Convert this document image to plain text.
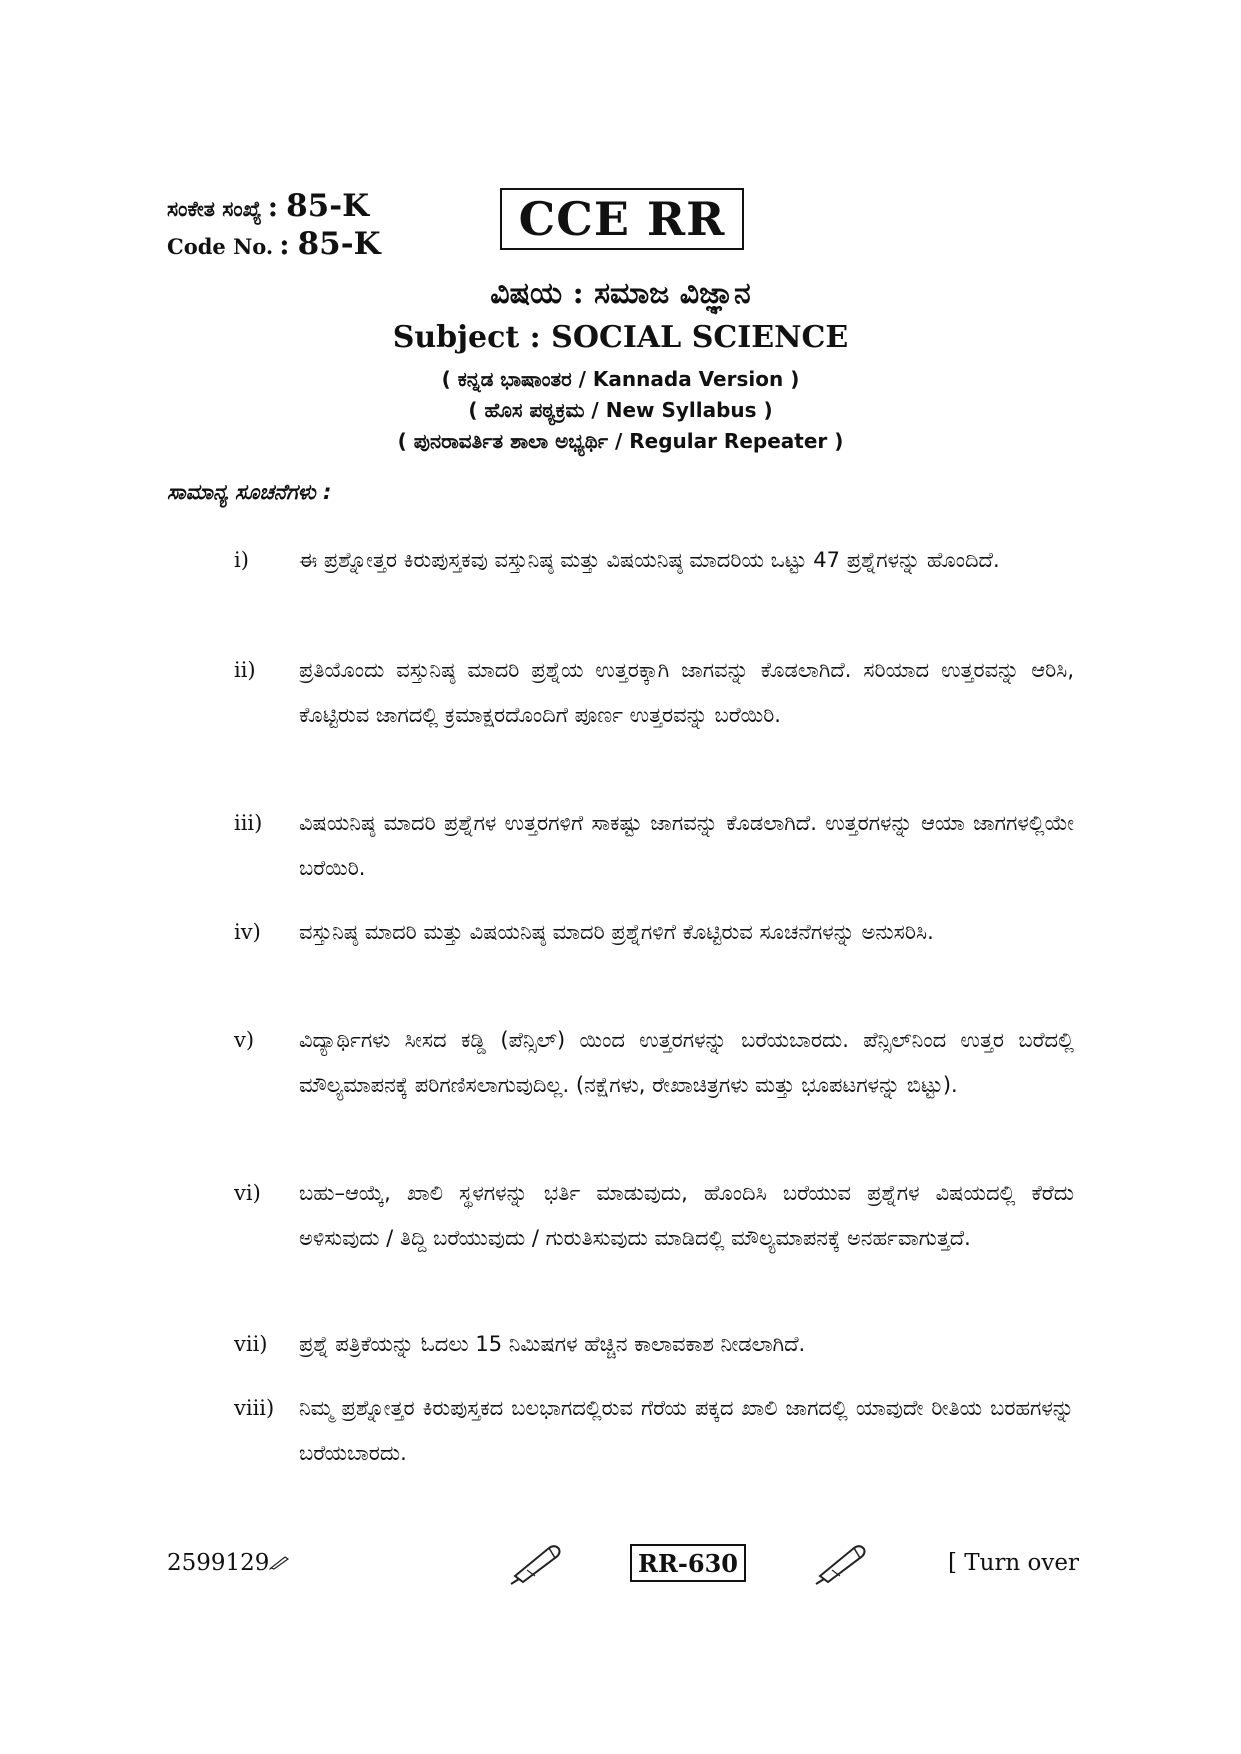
ಸಂಕೇತ ಸಂಖ್ಯೆ : 85-K
Code No. : 85-K	CCE RR
ವಿಷಯ : ಸಮಾಜ ವಿಜ್ಞಾನ
Subject : SOCIAL SCIENCE
( ಕನ್ನಡ ಭಾಷಾಂತರ / Kannada Version )
( ಹೊಸ ಪಠ್ಯಕ್ರಮ / New Syllabus )
( ಪುನರಾವರ್ತಿತ ಶಾಲಾ ಅಭ್ಯರ್ಥಿ / Regular Repeater )
ಸಾಮಾನ್ಯ ಸೂಚನೆಗಳು :
i)	ಈ ಪ್ರಶ್ನೋತ್ತರ ಕಿರುಪುಸ್ತಕವು ವಸ್ತುನಿಷ್ಠ ಮತ್ತು ವಿಷಯನಿಷ್ಠ ಮಾದರಿಯ ಒಟ್ಟು 47 ಪ್ರಶ್ನೆಗಳನ್ನು ಹೊಂದಿದೆ.
ii)	ಪ್ರತಿಯೊಂದು ವಸ್ತುನಿಷ್ಠ ಮಾದರಿ ಪ್ರಶ್ನೆಯ ಉತ್ತರಕ್ಕಾಗಿ ಜಾಗವನ್ನು ಕೊಡಲಾಗಿದೆ. ಸರಿಯಾದ ಉತ್ತರವನ್ನು ಆರಿಸಿ, ಕೊಟ್ಟಿರುವ ಜಾಗದಲ್ಲಿ ಕ್ರಮಾಕ್ಷರದೊಂದಿಗೆ ಪೂರ್ಣ ಉತ್ತರವನ್ನು ಬರೆಯಿರಿ.
iii)	ವಿಷಯನಿಷ್ಠ ಮಾದರಿ ಪ್ರಶ್ನೆಗಳ ಉತ್ತರಗಳಿಗೆ ಸಾಕಷ್ಟು ಜಾಗವನ್ನು ಕೊಡಲಾಗಿದೆ. ಉತ್ತರಗಳನ್ನು ಆಯಾ ಜಾಗಗಳಲ್ಲಿಯೇ ಬರೆಯಿರಿ.
iv)	ವಸ್ತುನಿಷ್ಠ ಮಾದರಿ ಮತ್ತು ವಿಷಯನಿಷ್ಠ ಮಾದರಿ ಪ್ರಶ್ನೆಗಳಿಗೆ ಕೊಟ್ಟಿರುವ ಸೂಚನೆಗಳನ್ನು ಅನುಸರಿಸಿ.
v)	ವಿದ್ಯಾರ್ಥಿಗಳು ಸೀಸದ ಕಡ್ಡಿ (ಪೆನ್ಸಿಲ್) ಯಿಂದ ಉತ್ತರಗಳನ್ನು ಬರೆಯಬಾರದು. ಪೆನ್ಸಿಲ್‌ನಿಂದ ಉತ್ತರ ಬರೆದಲ್ಲಿ ಮೌಲ್ಯಮಾಪನಕ್ಕೆ ಪರಿಗಣಿಸಲಾಗುವುದಿಲ್ಲ. (ನಕ್ಷೆಗಳು, ರೇಖಾಚಿತ್ರಗಳು ಮತ್ತು ಭೂಪಟಗಳನ್ನು ಬಿಟ್ಟು).
vi)	ಬಹು–ಆಯ್ಕೆ, ಖಾಲಿ ಸ್ಥಳಗಳನ್ನು ಭರ್ತಿ ಮಾಡುವುದು, ಹೊಂದಿಸಿ ಬರೆಯುವ ಪ್ರಶ್ನೆಗಳ ವಿಷಯದಲ್ಲಿ ಕೆರೆದು ಅಳಿಸುವುದು / ತಿದ್ದಿ ಬರೆಯುವುದು / ಗುರುತಿಸುವುದು ಮಾಡಿದಲ್ಲಿ ಮೌಲ್ಯಮಾಪನಕ್ಕೆ ಅನರ್ಹವಾಗುತ್ತದೆ.
vii)	ಪ್ರಶ್ನೆ ಪತ್ರಿಕೆಯನ್ನು ಓದಲು 15 ನಿಮಿಷಗಳ ಹೆಚ್ಚಿನ ಕಾಲಾವಕಾಶ ನೀಡಲಾಗಿದೆ.
viii)	ನಿಮ್ಮ ಪ್ರಶ್ನೋತ್ತರ ಕಿರುಪುಸ್ತಕದ ಬಲಭಾಗದಲ್ಲಿರುವ ಗೆರೆಯ ಪಕ್ಕದ ಖಾಲಿ ಜಾಗದಲ್ಲಿ ಯಾವುದೇ ರೀತಿಯ ಬರಹಗಳನ್ನು ಬರೆಯಬಾರದು.
2599129	RR-630	[ Turn over
